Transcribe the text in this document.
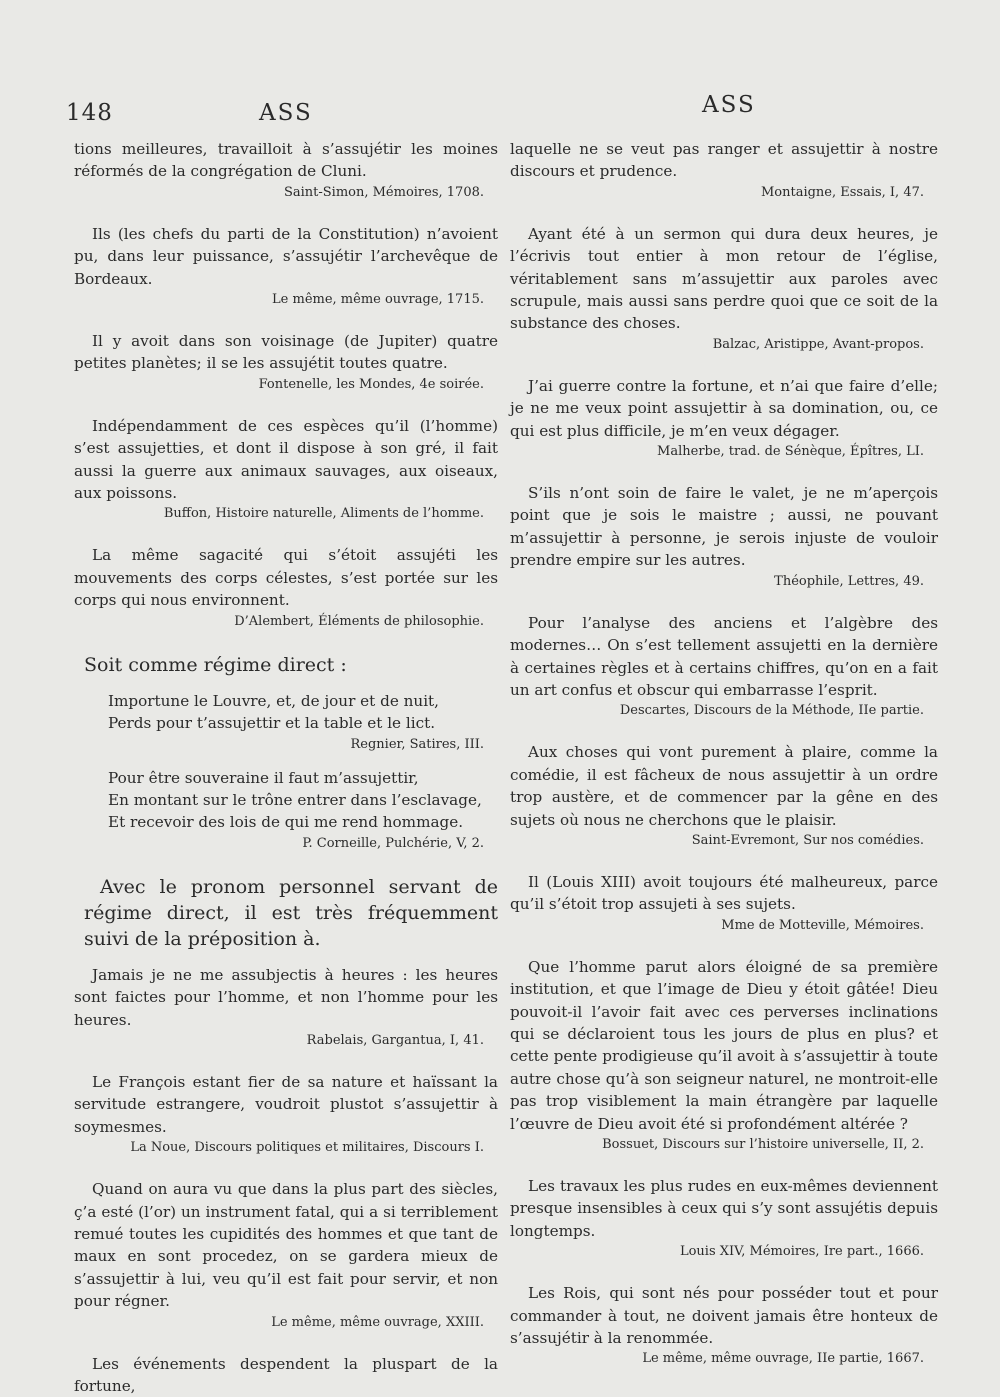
148	ASS	ASS

tions meilleures, travailloit à s’assujétir les moines réformés de la congrégation de Cluni.

Saint-Simon, Mémoires, 1708.

Ils (les chefs du parti de la Constitution) n’avoient pu, dans leur puissance, s’assujétir l’archevêque de Bordeaux.

Le même, même ouvrage, 1715.

Il y avoit dans son voisinage (de Jupiter) quatre petites planètes; il se les assujétit toutes quatre.

Fontenelle, les Mondes, 4e soirée.

Indépendamment de ces espèces qu’il (l’homme) s’est assujetties, et dont il dispose à son gré, il fait aussi la guerre aux animaux sauvages, aux oiseaux, aux poissons.

Buffon, Histoire naturelle, Aliments de l’homme.

La même sagacité qui s’étoit assujéti les mouvements des corps célestes, s’est portée sur les corps qui nous environnent.

D’Alembert, Éléments de philosophie.

Soit comme régime direct :

Importune le Louvre, et, de jour et de nuit,

Perds pour t’assujettir et la table et le lict.

Regnier, Satires, III.

Pour être souveraine il faut m’assujettir,

En montant sur le trône entrer dans l’esclavage,

Et recevoir des lois de qui me rend hommage.

P. Corneille, Pulchérie, V, 2.

Avec le pronom personnel servant de régime direct, il est très fréquemment suivi de la préposition à.

Jamais je ne me assubjectis à heures : les heures sont faictes pour l’homme, et non l’homme pour les heures.

Rabelais, Gargantua, I, 41.

Le François estant fier de sa nature et haïssant la servitude estrangere, voudroit plustot s’assujettir à soymesmes.

La Noue, Discours politiques et militaires, Discours I.

Quand on aura vu que dans la plus part des siècles, ç’a esté (l’or) un instrument fatal, qui a si terriblement remué toutes les cupidités des hommes et que tant de maux en sont procedez, on se gardera mieux de s’assujettir à lui, veu qu’il est fait pour servir, et non pour régner.

Le même, même ouvrage, XXIII.

Les événements despendent la pluspart de la fortune,

laquelle ne se veut pas ranger et assujettir à nostre discours et prudence.

Montaigne, Essais, I, 47.

Ayant été à un sermon qui dura deux heures, je l’écrivis tout entier à mon retour de l’église, véritablement sans m’assujettir aux paroles avec scrupule, mais aussi sans perdre quoi que ce soit de la substance des choses.

Balzac, Aristippe, Avant-propos.

J’ai guerre contre la fortune, et n’ai que faire d’elle; je ne me veux point assujettir à sa domination, ou, ce qui est plus difficile, je m’en veux dégager.

Malherbe, trad. de Sénèque, Épîtres, LI.

S’ils n’ont soin de faire le valet, je ne m’aperçois point que je sois le maistre ; aussi, ne pouvant m’assujettir à personne, je serois injuste de vouloir prendre empire sur les autres.

Théophile, Lettres, 49.

Pour l’analyse des anciens et l’algèbre des modernes… On s’est tellement assujetti en la dernière à certaines règles et à certains chiffres, qu’on en a fait un art confus et obscur qui embarrasse l’esprit.

Descartes, Discours de la Méthode, IIe partie.

Aux choses qui vont purement à plaire, comme la comédie, il est fâcheux de nous assujettir à un ordre trop austère, et de commencer par la gêne en des sujets où nous ne cherchons que le plaisir.

Saint-Evremont, Sur nos comédies.

Il (Louis XIII) avoit toujours été malheureux, parce qu’il s’étoit trop assujeti à ses sujets.

Mme de Motteville, Mémoires.

Que l’homme parut alors éloigné de sa première institution, et que l’image de Dieu y étoit gâtée! Dieu pouvoit-il l’avoir fait avec ces perverses inclinations qui se déclaroient tous les jours de plus en plus? et cette pente prodigieuse qu’il avoit à s’assujettir à toute autre chose qu’à son seigneur naturel, ne montroit-elle pas trop visiblement la main étrangère par laquelle l’œuvre de Dieu avoit été si profondément altérée ?

Bossuet, Discours sur l’histoire universelle, II, 2.

Les travaux les plus rudes en eux-mêmes deviennent presque insensibles à ceux qui s’y sont assujétis depuis longtemps.

Louis XIV, Mémoires, Ire part., 1666.

Les Rois, qui sont nés pour posséder tout et pour commander à tout, ne doivent jamais être honteux de s’assujétir à la renommée.

Le même, même ouvrage, IIe partie, 1667.
